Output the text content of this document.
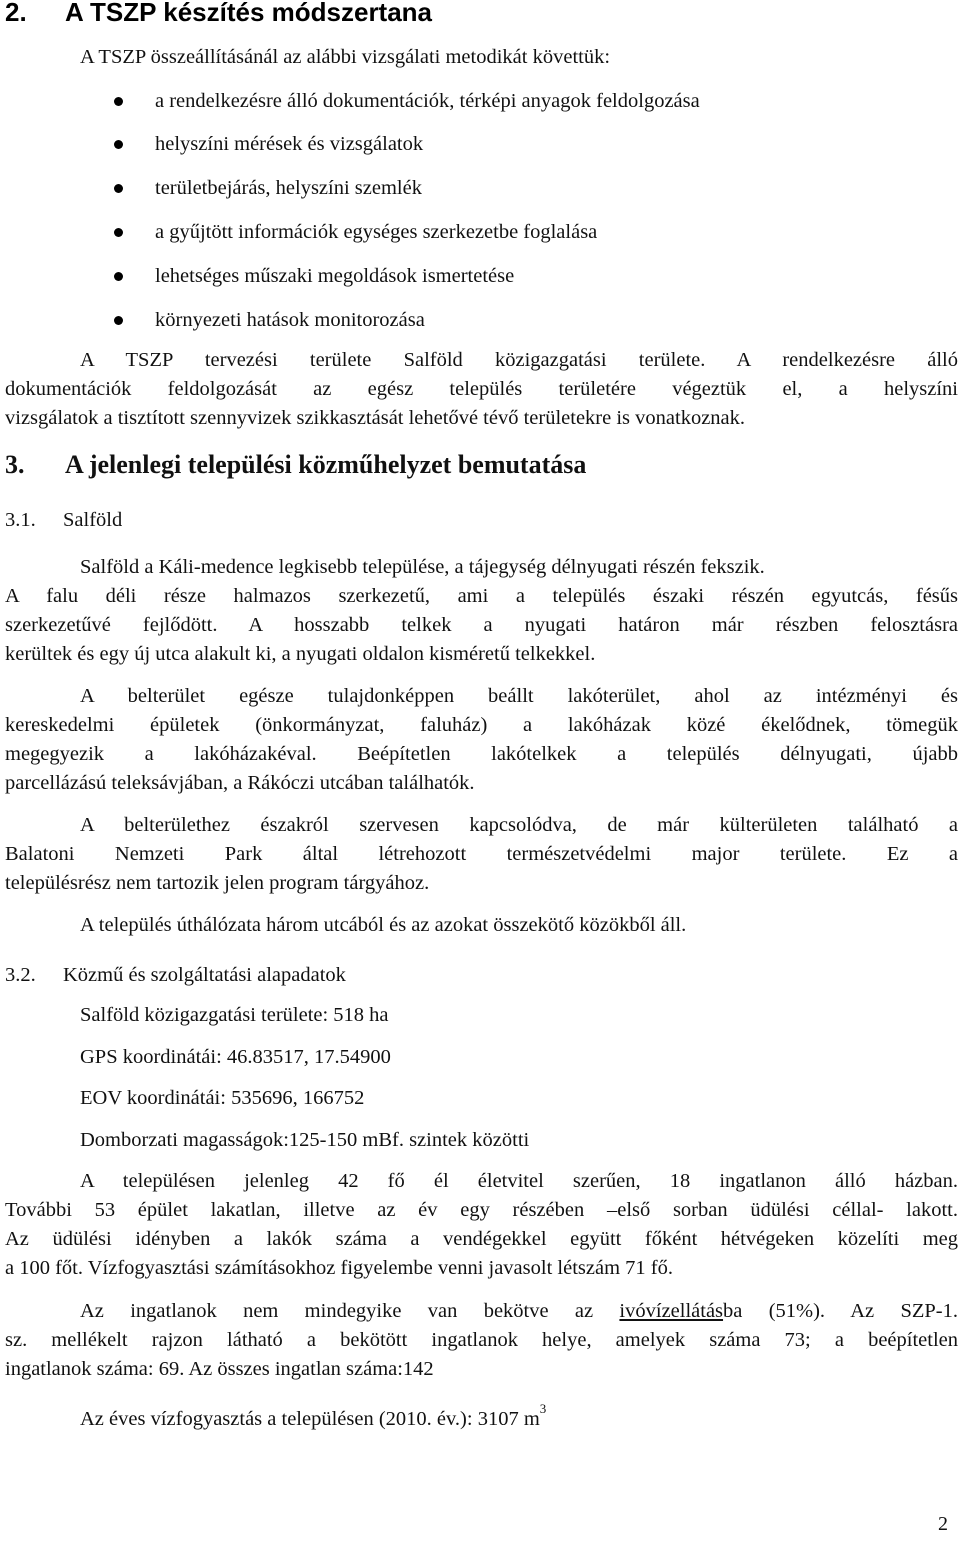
2. A TSZP készítés módszertana
A TSZP összeállításánál az alábbi vizsgálati metodikát követtük:
a rendelkezésre álló dokumentációk, térképi anyagok feldolgozása
helyszíni mérések és vizsgálatok
területbejárás, helyszíni szemlék
a gyűjtött információk egységes szerkezetbe foglalása
lehetséges műszaki megoldások ismertetése
környezeti hatások monitorozása
A TSZP tervezési területe Salföld közigazgatási területe. A rendelkezésre álló
dokumentációk feldolgozását az egész település területére végeztük el, a helyszíni
vizsgálatok a tisztított szennyvizek szikkasztását lehetővé tévő területekre is vonatkoznak.
3. A jelenlegi települési közműhelyzet bemutatása
3.1. Salföld
Salföld a Káli-medence legkisebb települése, a tájegység délnyugati részén fekszik.
A falu déli része halmazos szerkezetű, ami a település északi részén egyutcás, fésűs
szerkezetűvé fejlődött. A hosszabb telkek a nyugati határon már részben felosztásra
kerültek és egy új utca alakult ki, a nyugati oldalon kisméretű telkekkel.
A belterület egésze tulajdonképpen beállt lakóterület, ahol az intézményi és
kereskedelmi épületek (önkormányzat, faluház) a lakóházak közé ékelődnek, tömegük
megegyezik a lakóházakéval. Beépítetlen lakótelkek a település délnyugati, újabb
parcellázású teleksávjában, a Rákóczi utcában találhatók.
A belterülethez északról szervesen kapcsolódva, de már külterületen található a
Balatoni Nemzeti Park által létrehozott természetvédelmi major területe. Ez a
településrész nem tartozik jelen program tárgyához.
A település úthálózata három utcából és az azokat összekötő közökből áll.
3.2. Közmű és szolgáltatási alapadatok
Salföld közigazgatási területe: 518 ha
GPS koordinátái: 46.83517, 17.54900
EOV koordinátái: 535696, 166752
Domborzati magasságok:125-150 mBf. szintek közötti
A településen jelenleg 42 fő él életvitel szerűen, 18 ingatlanon álló házban.
További 53 épület lakatlan, illetve az év egy részében –első sorban üdülési céllal- lakott.
Az üdülési idényben a lakók száma a vendégekkel együtt főként hétvégeken közelíti meg
a 100 főt. Vízfogyasztási számításokhoz figyelembe venni javasolt létszám 71 fő.
Az ingatlanok nem mindegyike van bekötve az ivóvízellátásba (51%). Az SZP-1.
sz. mellékelt rajzon látható a bekötött ingatlanok helye, amelyek száma 73; a beépítetlen
ingatlanok száma: 69. Az összes ingatlan száma:142
Az éves vízfogyasztás a településen (2010. év.): 3107 $m^3$
2
